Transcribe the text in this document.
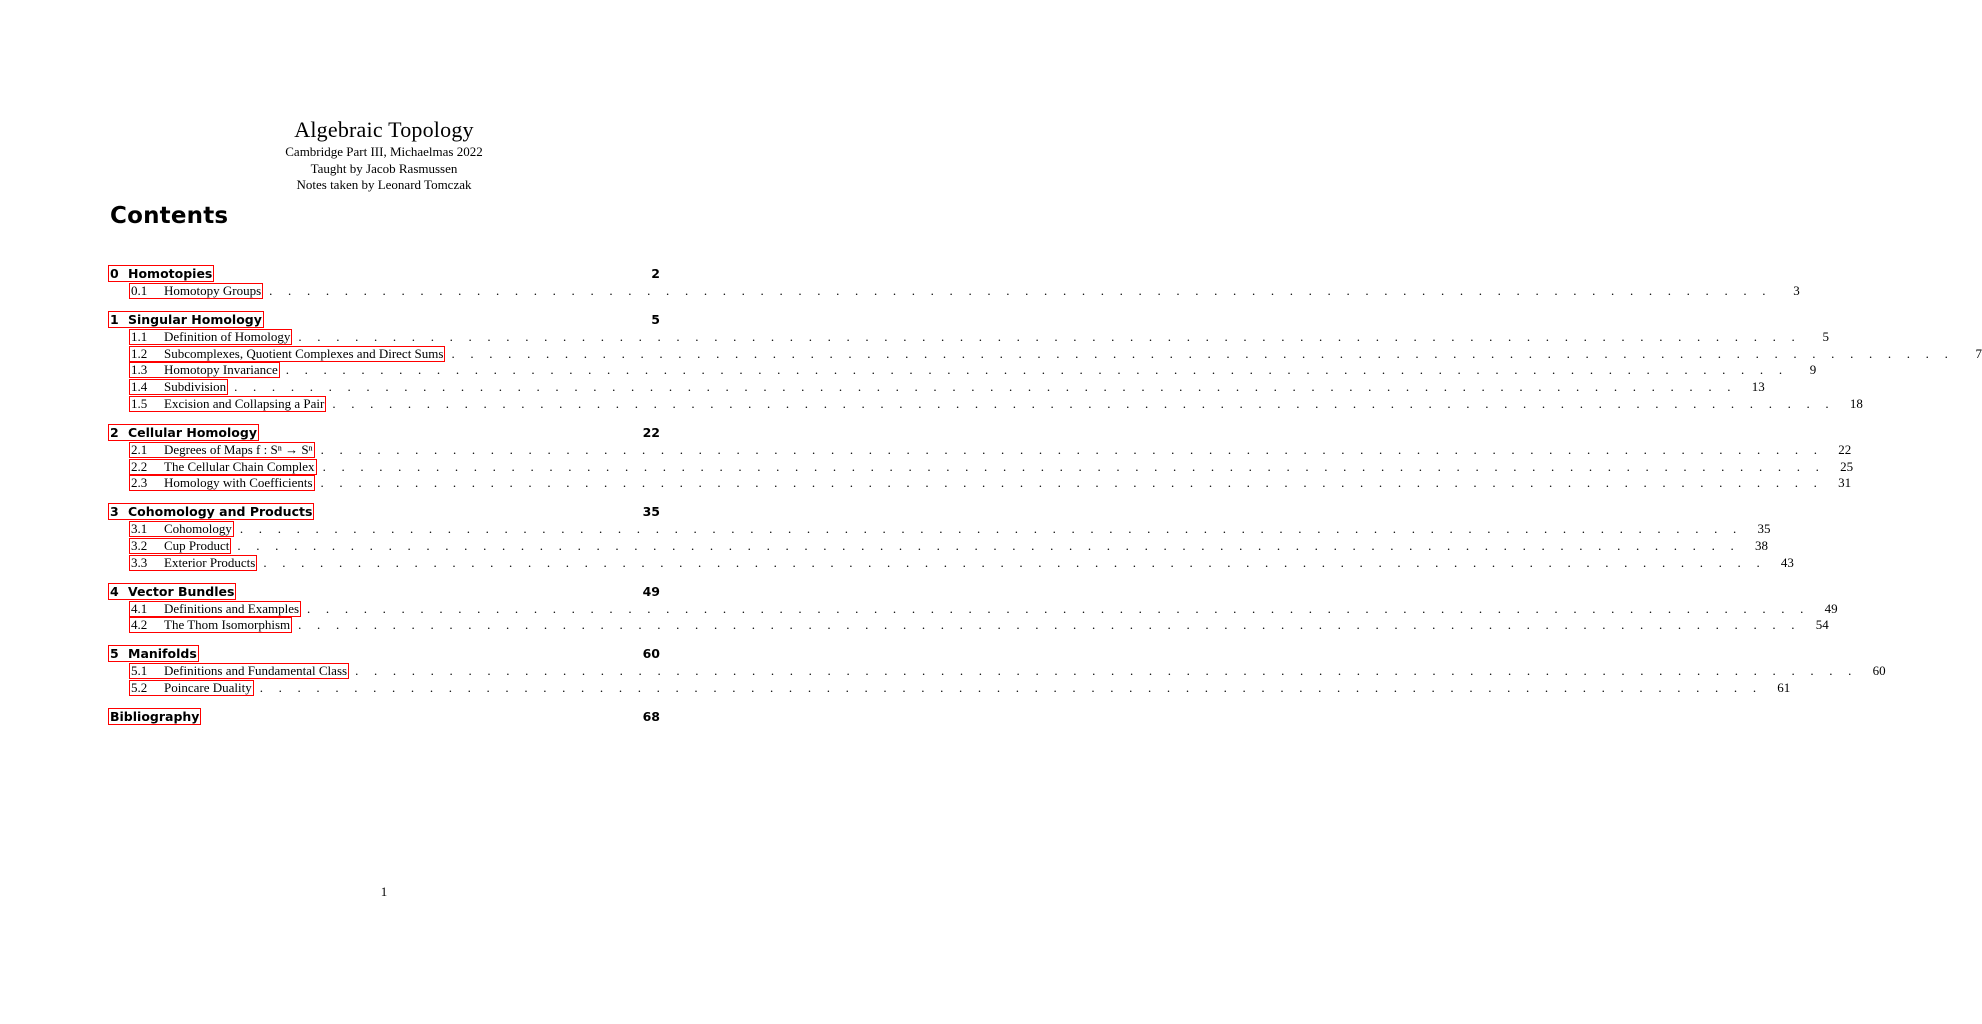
Algebraic Topology
Cambridge Part III, Michaelmas 2022
Taught by Jacob Rasmussen
Notes taken by Leonard Tomczak
Contents
0 Homotopies	2
0.1	Homotopy Groups . . . . . . . . . . . . . . . . . . . . . . . . . . . . . . . . . . . . . . . . . . . . . . . . . . . . . . . . . . . . . . . . . . . . . . . . . . . . . . . .	3
1 Singular Homology	5
1.1	Definition of Homology . . . . . . . . . . . . . . . . . . . . . . . . . . . . . . . . . . . . . . . . . . . . . . . . . . . . . . . . . . . . . . . . . . . . . . . . . . . . . . . .	5
1.2	Subcomplexes, Quotient Complexes and Direct Sums . . . . . . . . . . . . . . . . . . . . . . . . . . . . . . . . . . . . . . . . . . . . . . . . . . . . . . . . . . . . . . . . . . . . . . . . . . . . . . . .	7
1.3	Homotopy Invariance . . . . . . . . . . . . . . . . . . . . . . . . . . . . . . . . . . . . . . . . . . . . . . . . . . . . . . . . . . . . . . . . . . . . . . . . . . . . . . . .	9
1.4	Subdivision . . . . . . . . . . . . . . . . . . . . . . . . . . . . . . . . . . . . . . . . . . . . . . . . . . . . . . . . . . . . . . . . . . . . . . . . . . . . . . . .	13
1.5	Excision and Collapsing a Pair . . . . . . . . . . . . . . . . . . . . . . . . . . . . . . . . . . . . . . . . . . . . . . . . . . . . . . . . . . . . . . . . . . . . . . . . . . . . . . . .	18
2 Cellular Homology	22
2.1	Degrees of Maps f : Sⁿ → Sⁿ . . . . . . . . . . . . . . . . . . . . . . . . . . . . . . . . . . . . . . . . . . . . . . . . . . . . . . . . . . . . . . . . . . . . . . . . . . . . . . . .	22
2.2	The Cellular Chain Complex . . . . . . . . . . . . . . . . . . . . . . . . . . . . . . . . . . . . . . . . . . . . . . . . . . . . . . . . . . . . . . . . . . . . . . . . . . . . . . . .	25
2.3	Homology with Coefficients . . . . . . . . . . . . . . . . . . . . . . . . . . . . . . . . . . . . . . . . . . . . . . . . . . . . . . . . . . . . . . . . . . . . . . . . . . . . . . . .	31
3 Cohomology and Products	35
3.1	Cohomology . . . . . . . . . . . . . . . . . . . . . . . . . . . . . . . . . . . . . . . . . . . . . . . . . . . . . . . . . . . . . . . . . . . . . . . . . . . . . . . .	35
3.2	Cup Product . . . . . . . . . . . . . . . . . . . . . . . . . . . . . . . . . . . . . . . . . . . . . . . . . . . . . . . . . . . . . . . . . . . . . . . . . . . . . . . .	38
3.3	Exterior Products . . . . . . . . . . . . . . . . . . . . . . . . . . . . . . . . . . . . . . . . . . . . . . . . . . . . . . . . . . . . . . . . . . . . . . . . . . . . . . . .	43
4 Vector Bundles	49
4.1	Definitions and Examples . . . . . . . . . . . . . . . . . . . . . . . . . . . . . . . . . . . . . . . . . . . . . . . . . . . . . . . . . . . . . . . . . . . . . . . . . . . . . . . .	49
4.2	The Thom Isomorphism . . . . . . . . . . . . . . . . . . . . . . . . . . . . . . . . . . . . . . . . . . . . . . . . . . . . . . . . . . . . . . . . . . . . . . . . . . . . . . . .	54
5 Manifolds	60
5.1	Definitions and Fundamental Class . . . . . . . . . . . . . . . . . . . . . . . . . . . . . . . . . . . . . . . . . . . . . . . . . . . . . . . . . . . . . . . . . . . . . . . . . . . . . . . .	60
5.2	Poincare Duality . . . . . . . . . . . . . . . . . . . . . . . . . . . . . . . . . . . . . . . . . . . . . . . . . . . . . . . . . . . . . . . . . . . . . . . . . . . . . . . .	61
Bibliography	68
1
